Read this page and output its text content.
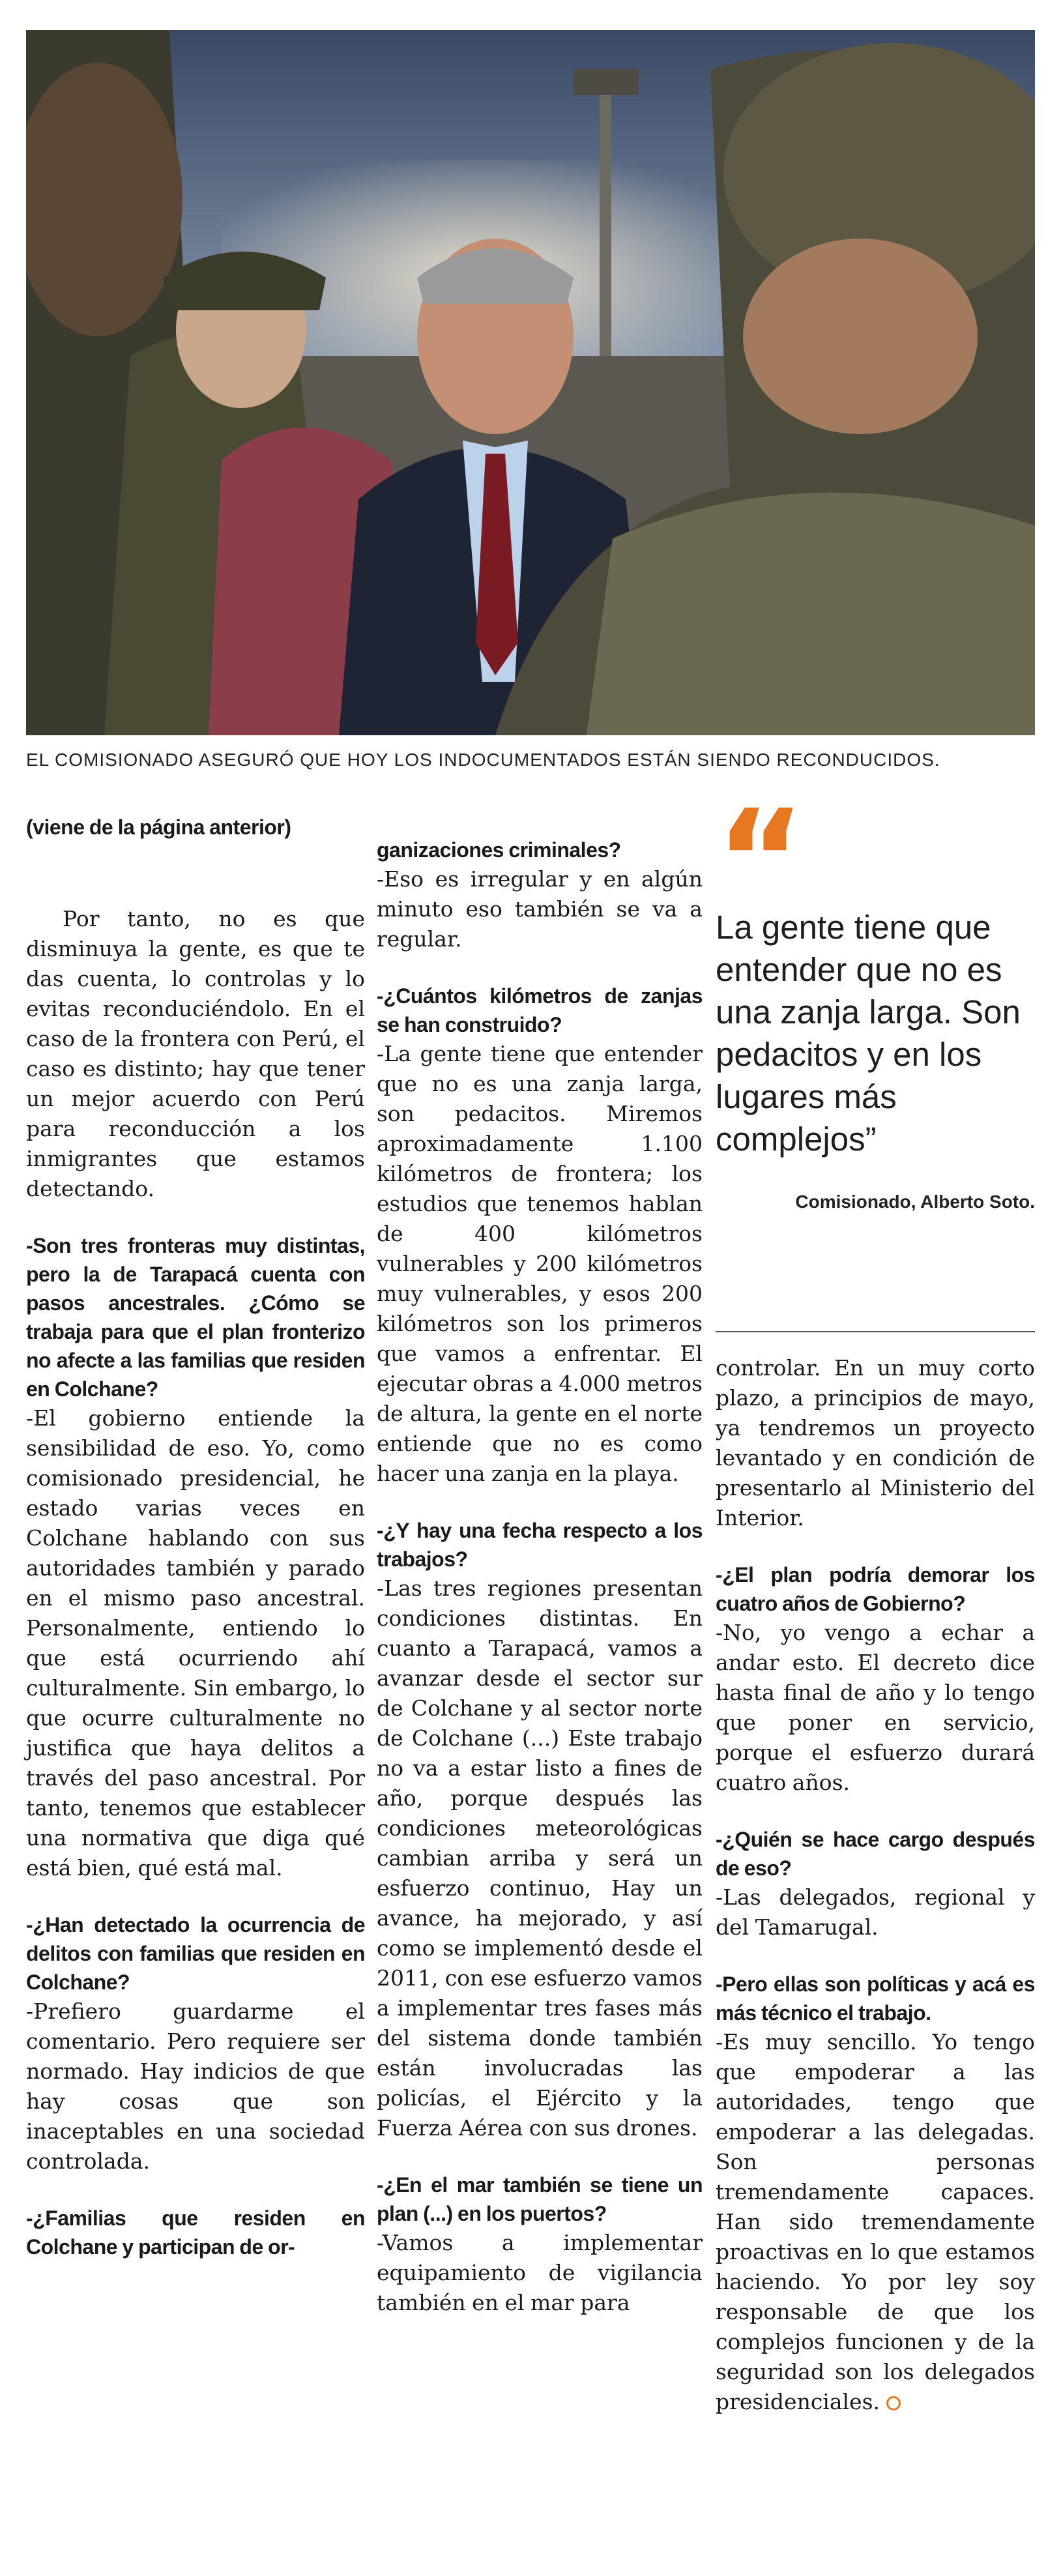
EL COMISIONADO ASEGURÓ QUE HOY LOS INDOCUMENTADOS ESTÁN SIENDO RECONDUCIDOS.

(viene de la página anterior)

Por tanto, no es que disminuya la gente, es que te das cuenta, lo controlas y lo evitas reconduciéndolo. En el caso de la frontera con Perú, el caso es distinto; hay que tener un mejor acuerdo con Perú para reconducción a los inmigrantes que estamos detectando.

-Son tres fronteras muy distintas, pero la de Tarapacá cuenta con pasos ancestrales. ¿Cómo se trabaja para que el plan fronterizo no afecte a las familias que residen en Colchane?

-El gobierno entiende la sensibilidad de eso. Yo, como comisionado presidencial, he estado varias veces en Colchane hablando con sus autoridades también y parado en el mismo paso ancestral. Personalmente, entiendo lo que está ocurriendo ahí culturalmente. Sin embargo, lo que ocurre culturalmente no justifica que haya delitos a través del paso ancestral. Por tanto, tenemos que establecer una normativa que diga qué está bien, qué está mal.

-¿Han detectado la ocurrencia de delitos con familias que residen en Colchane?

-Prefiero guardarme el comentario. Pero requiere ser normado. Hay indicios de que hay cosas que son inaceptables en una sociedad controlada.

-¿Familias que residen en Colchane y participan de or-

ganizaciones criminales?

-Eso es irregular y en algún minuto eso también se va a regular.

-¿Cuántos kilómetros de zanjas se han construido?

-La gente tiene que entender que no es una zanja larga, son pedacitos. Miremos aproximadamente 1.100 kilómetros de frontera; los estudios que tenemos hablan de 400 kilómetros vulnerables y 200 kilómetros muy vulnerables, y esos 200 kilómetros son los primeros que vamos a enfrentar. El ejecutar obras a 4.000 metros de altura, la gente en el norte entiende que no es como hacer una zanja en la playa.

-¿Y hay una fecha respecto a los trabajos?

-Las tres regiones presentan condiciones distintas. En cuanto a Tarapacá, vamos a avanzar desde el sector sur de Colchane y al sector norte de Colchane (...) Este trabajo no va a estar listo a fines de año, porque después las condiciones meteorológicas cambian arriba y será un esfuerzo continuo, Hay un avance, ha mejorado, y así como se implementó desde el 2011, con ese esfuerzo vamos a implementar tres fases más del sistema donde también están involucradas las policías, el Ejército y la Fuerza Aérea con sus drones.

-¿En el mar también se tiene un plan (...) en los puertos?

-Vamos a implementar equipamiento de vigilancia también en el mar para

“
La gente tiene que entender que no es una zanja larga. Son pedacitos y en los lugares más complejos”
Comisionado, Alberto Soto.

controlar. En un muy corto plazo, a principios de mayo, ya tendremos un proyecto levantado y en condición de presentarlo al Ministerio del Interior.

-¿El plan podría demorar los cuatro años de Gobierno?

-No, yo vengo a echar a andar esto. El decreto dice hasta final de año y lo tengo que poner en servicio, porque el esfuerzo durará cuatro años.

-¿Quién se hace cargo después de eso?

-Las delegados, regional y del Tamarugal.

-Pero ellas son políticas y acá es más técnico el trabajo.

-Es muy sencillo. Yo tengo que empoderar a las autoridades, tengo que empoderar a las delegadas. Son personas tremendamente capaces. Han sido tremendamente proactivas en lo que estamos haciendo. Yo por ley soy responsable de que los complejos funcionen y de la seguridad son los delegados presidenciales.
